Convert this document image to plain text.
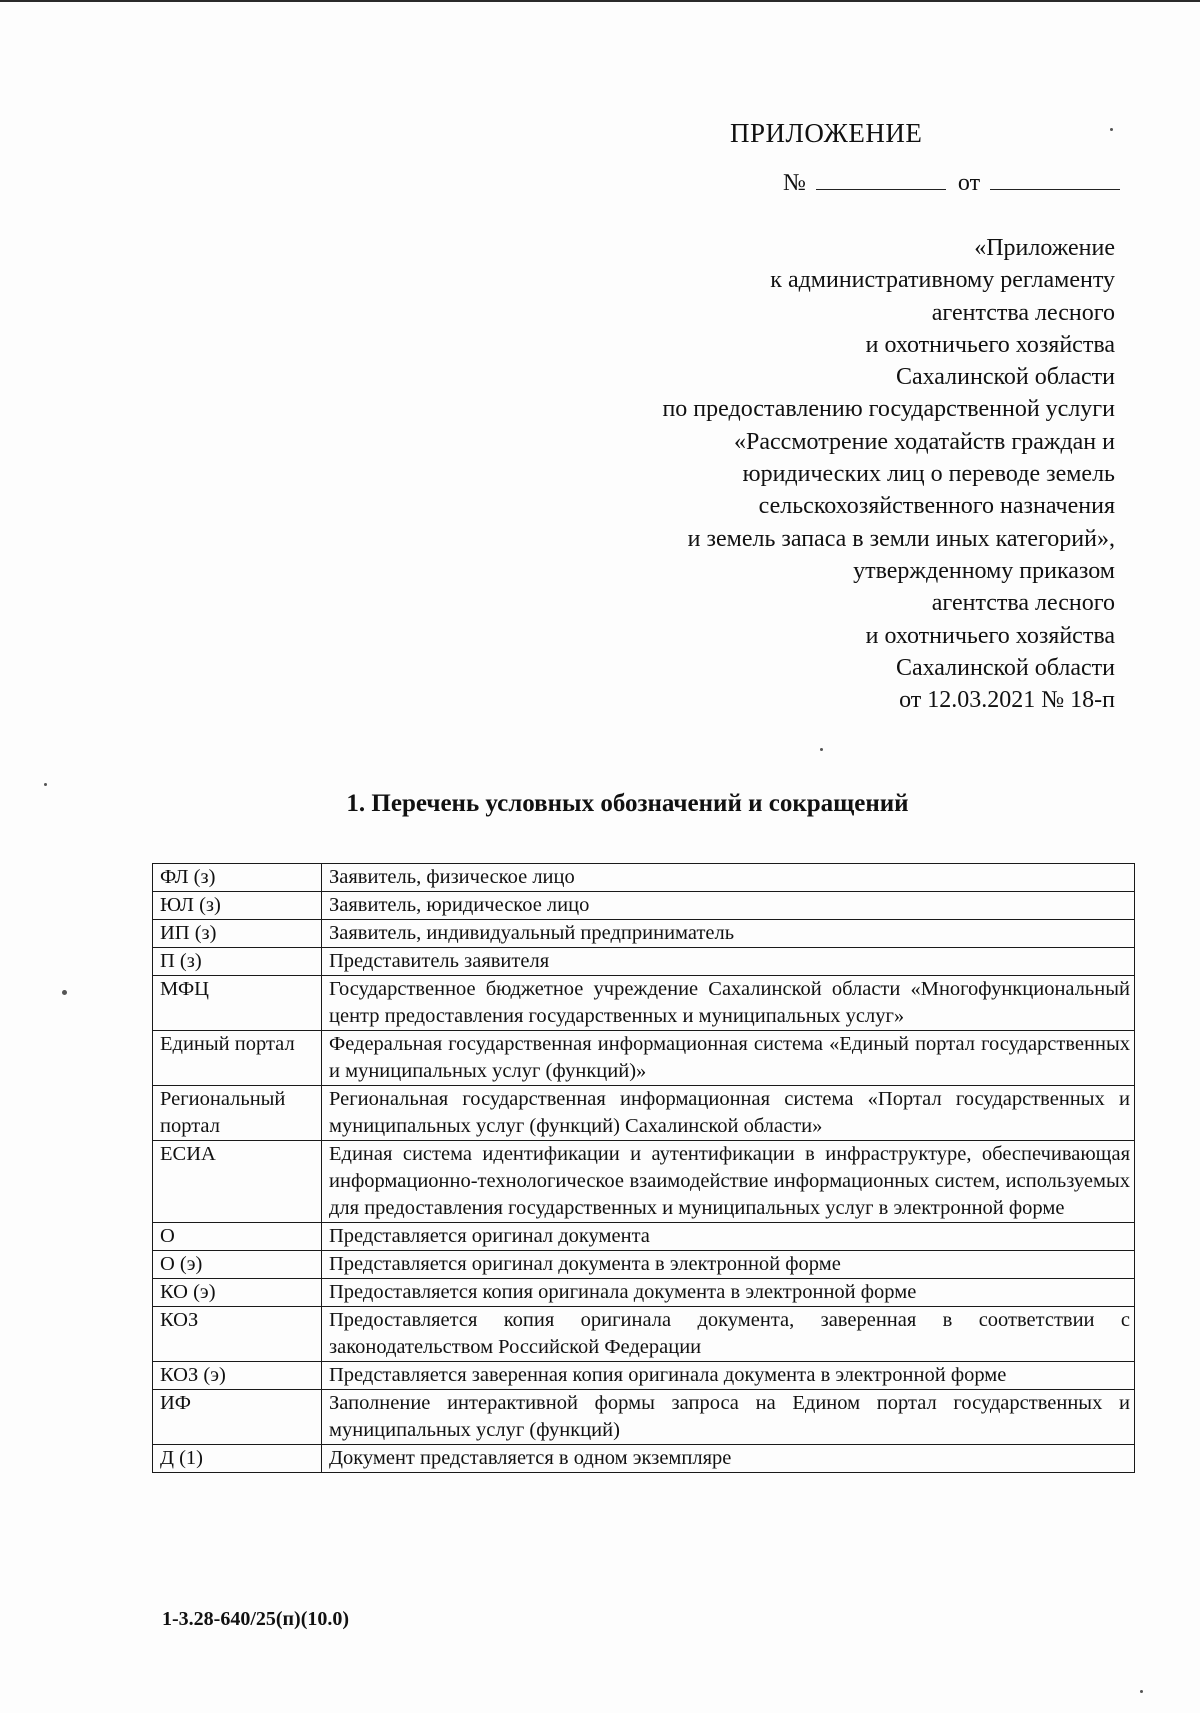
ПРИЛОЖЕНИЕ
№	от
«Приложение
к административному регламенту
агентства лесного
и охотничьего хозяйства
Сахалинской области
по предоставлению государственной услуги
«Рассмотрение ходатайств граждан и
юридических лиц о переводе земель
сельскохозяйственного назначения
и земель запаса в земли иных категорий»,
утвержденному приказом
агентства лесного
и охотничьего хозяйства
Сахалинской области
от 12.03.2021 № 18-п
1. Перечень условных обозначений и сокращений
ФЛ (з)	Заявитель, физическое лицо
ЮЛ (з)	Заявитель, юридическое лицо
ИП (з)	Заявитель, индивидуальный предприниматель
П (з)	Представитель заявителя
МФЦ	Государственное бюджетное учреждение Сахалинской области «Многофункциональный центр предоставления государственных и муниципальных услуг»
Единый портал	Федеральная государственная информационная система «Единый портал государственных и муниципальных услуг (функций)»
Региональный портал	Региональная государственная информационная система «Портал государственных и муниципальных услуг (функций) Сахалинской области»
ЕСИА	Единая система идентификации и аутентификации в инфраструктуре, обеспечивающая информационно-технологическое взаимодействие информационных систем, используемых для предоставления государственных и муниципальных услуг в электронной форме
О	Представляется оригинал документа
О (э)	Представляется оригинал документа в электронной форме
КО (э)	Предоставляется копия оригинала документа в электронной форме
КОЗ	Предоставляется копия оригинала документа, заверенная в соответствии с законодательством Российской Федерации
КОЗ (э)	Представляется заверенная копия оригинала документа в электронной форме
ИФ	Заполнение интерактивной формы запроса на Едином портал государственных и муниципальных услуг (функций)
Д (1)	Документ представляется в одном экземпляре
1-3.28-640/25(п)(10.0)
